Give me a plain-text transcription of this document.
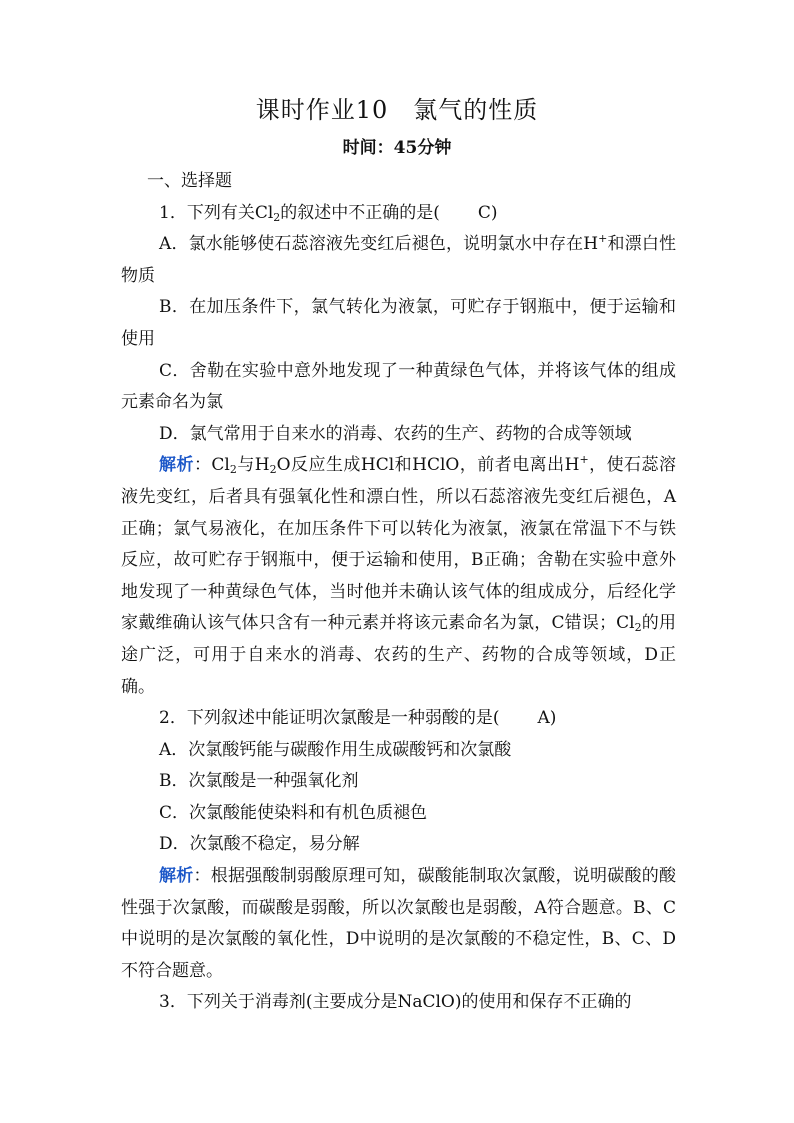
课时作业10　氯气的性质
时间：45分钟

一、选择题

1．下列有关$Cl_2$的叙述中不正确的是( C)

A．氯水能够使石蕊溶液先变红后褪色，说明氯水中存在H+和漂白性物质

B．在加压条件下，氯气转化为液氯，可贮存于钢瓶中，便于运输和使用

C．舍勒在实验中意外地发现了一种黄绿色气体，并将该气体的组成元素命名为氯

D．氯气常用于自来水的消毒、农药的生产、药物的合成等领域

解析：$Cl_2$与$H_2O$反应生成HCl和HClO，前者电离出H+，使石蕊溶液先变红，后者具有强氧化性和漂白性，所以石蕊溶液先变红后褪色，A正确；氯气易液化，在加压条件下可以转化为液氯，液氯在常温下不与铁反应，故可贮存于钢瓶中，便于运输和使用，B正确；舍勒在实验中意外地发现了一种黄绿色气体，当时他并未确认该气体的组成成分，后经化学家戴维确认该气体只含有一种元素并将该元素命名为氯，C错误；$Cl_2$的用途广泛，可用于自来水的消毒、农药的生产、药物的合成等领域，D正确。

2．下列叙述中能证明次氯酸是一种弱酸的是( A)

A．次氯酸钙能与碳酸作用生成碳酸钙和次氯酸

B．次氯酸是一种强氧化剂

C．次氯酸能使染料和有机色质褪色

D．次氯酸不稳定，易分解

解析：根据强酸制弱酸原理可知，碳酸能制取次氯酸，说明碳酸的酸性强于次氯酸，而碳酸是弱酸，所以次氯酸也是弱酸，A符合题意。B、C中说明的是次氯酸的氧化性，D中说明的是次氯酸的不稳定性，B、C、D不符合题意。

3．下列关于消毒剂(主要成分是NaClO)的使用和保存不正确的
